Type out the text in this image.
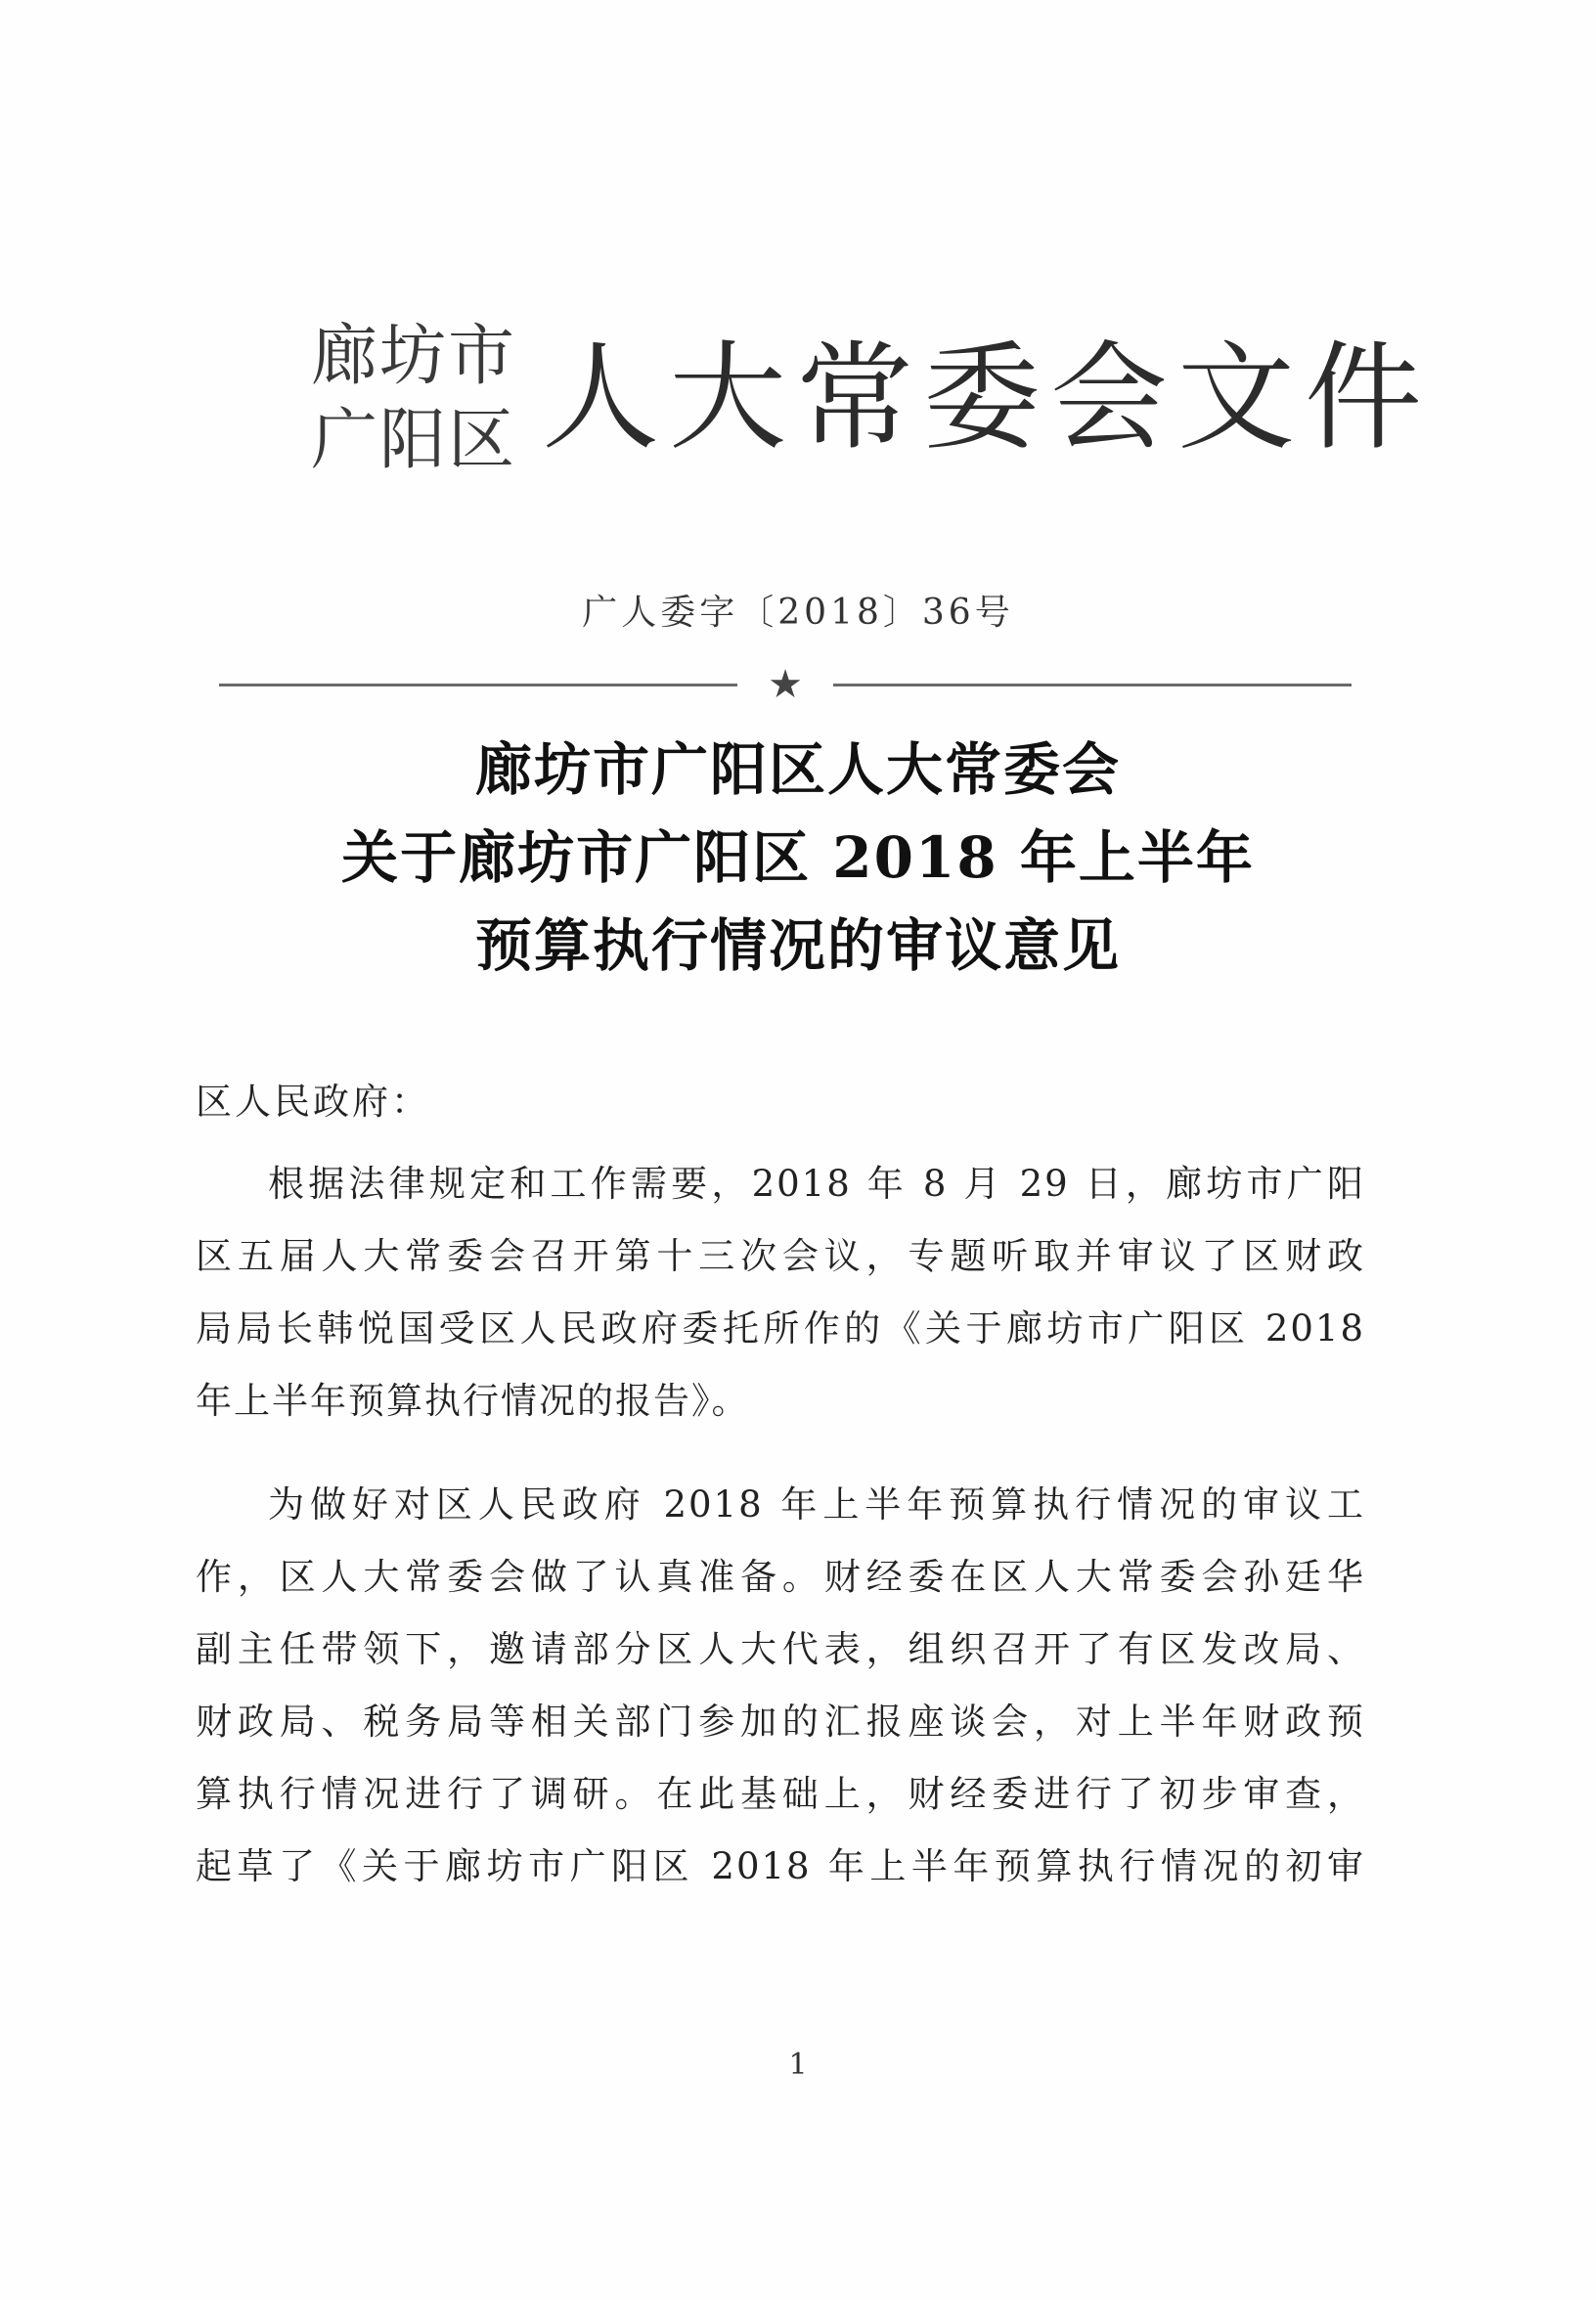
廊坊市
广阳区 人大常委会文件
广人委字〔2018〕36号
★
廊坊市广阳区人大常委会
关于廊坊市广阳区 2018 年上半年
预算执行情况的审议意见
区人民政府：
根据法律规定和工作需要，2018 年 8 月 29 日，廊坊市广阳
区五届人大常委会召开第十三次会议，专题听取并审议了区财政
局局长韩悦国受区人民政府委托所作的《关于廊坊市广阳区 2018
年上半年预算执行情况的报告》。
为做好对区人民政府 2018 年上半年预算执行情况的审议工
作，区人大常委会做了认真准备。财经委在区人大常委会孙廷华
副主任带领下，邀请部分区人大代表，组织召开了有区发改局、
财政局、税务局等相关部门参加的汇报座谈会，对上半年财政预
算执行情况进行了调研。在此基础上，财经委进行了初步审查，
起草了《关于廊坊市广阳区 2018 年上半年预算执行情况的初审
1
